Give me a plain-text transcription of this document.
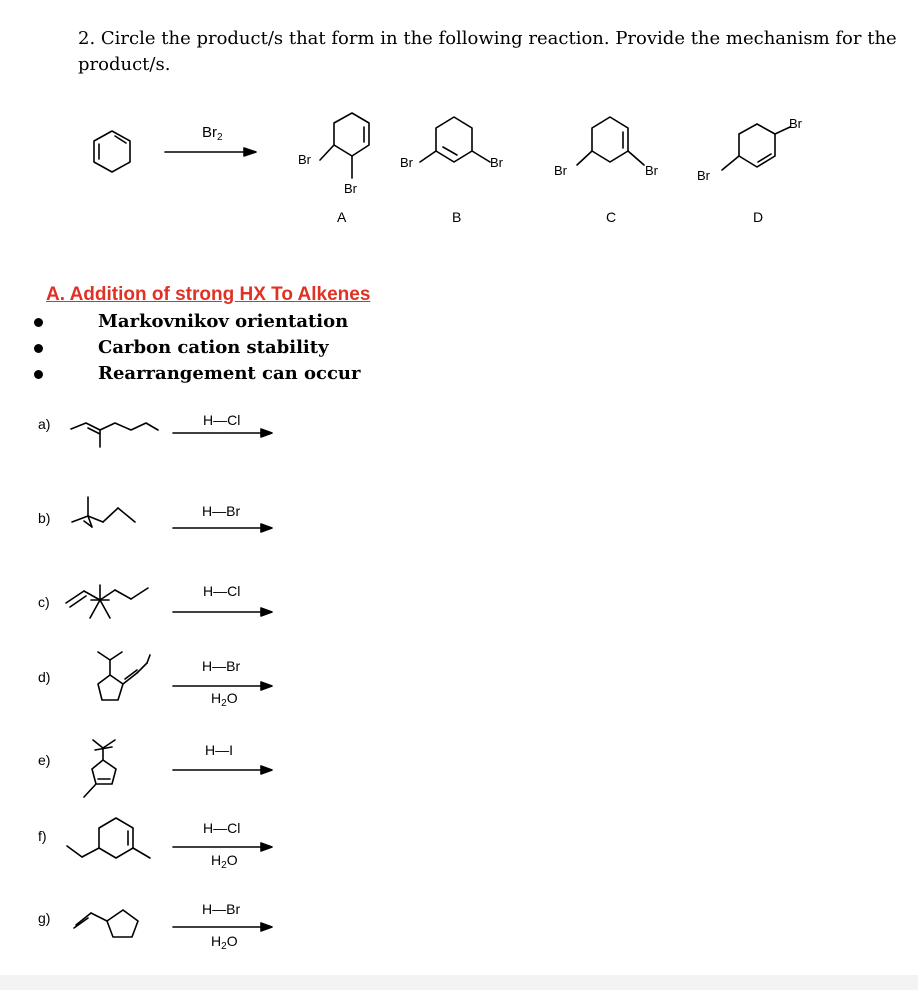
2. Circle the product/s that form in the following reaction. Provide the mechanism for the product/s.
$Br_2$
Br
Br
Br	Br
Br	Br	Br
Br
A	B	C	D
A. Addition of strong HX To Alkenes
Markovnikov orientation
Carbon cation stability
Rearrangement can occur
a)
b)
c)
d)
e)
f)
g)
H—Cl
H—Br
H—Cl
H—Br
$H_2O$
H—I
H—Cl
$H_2O$
H—Br
$H_2O$
